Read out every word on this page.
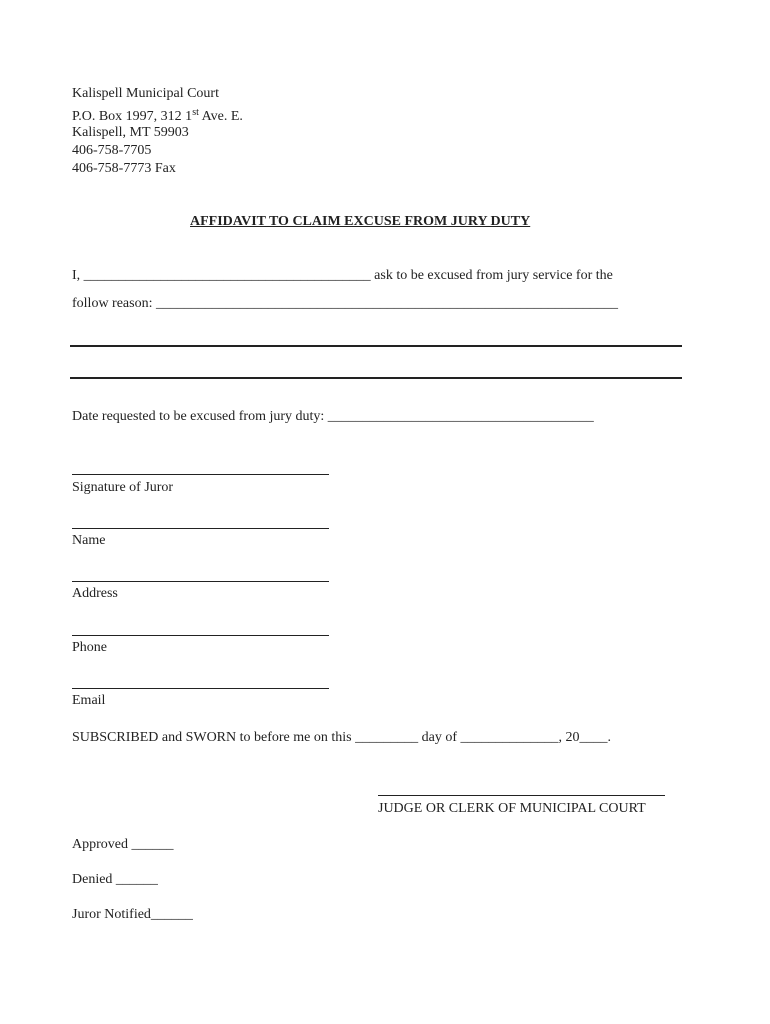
Kalispell Municipal Court
P.O. Box 1997, 312 1st Ave. E.
Kalispell, MT 59903
406-758-7705
406-758-7773 Fax
AFFIDAVIT TO CLAIM EXCUSE FROM JURY DUTY
I, _________________________________________ ask to be excused from jury service for the
follow reason: __________________________________________________________________
Date requested to be excused from jury duty: ______________________________________
Signature of Juror
Name
Address
Phone
Email
SUBSCRIBED and SWORN to before me on this _________ day of ______________, 20____.
JUDGE OR CLERK OF MUNICIPAL COURT
Approved ______
Denied ______
Juror Notified______
